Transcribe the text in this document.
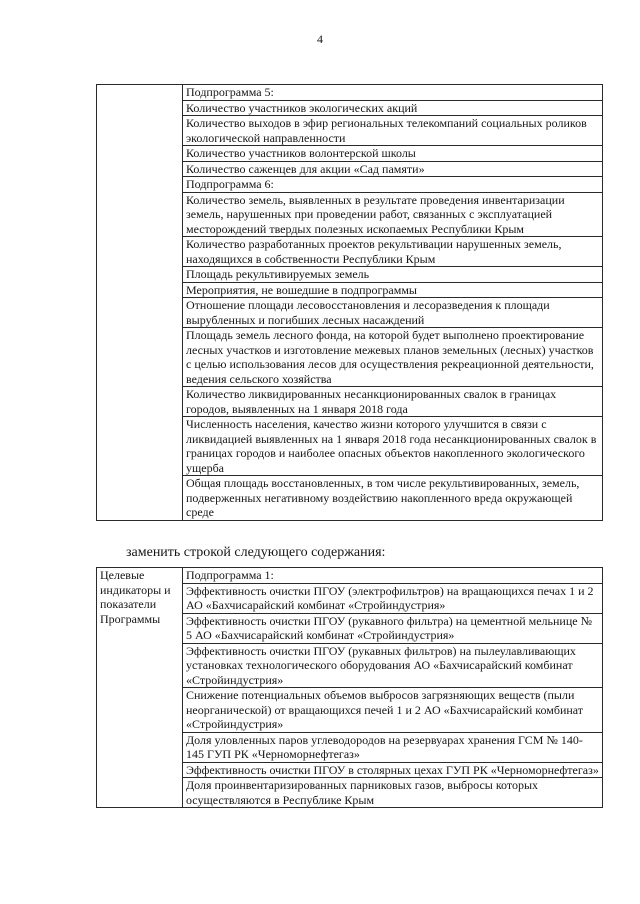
4
	Подпрограмма 5:
Количество участников экологических акций
Количество выходов в эфир региональных телекомпаний социальных роликов экологической направленности
Количество участников волонтерской школы
Количество саженцев для акции «Сад памяти»
Подпрограмма 6:
Количество земель, выявленных в результате проведения инвентаризации земель, нарушенных при проведении работ, связанных с эксплуатацией месторождений твердых полезных ископаемых Республики Крым
Количество разработанных проектов рекультивации нарушенных земель, находящихся в собственности Республики Крым
Площадь рекультивируемых земель
Мероприятия, не вошедшие в подпрограммы
Отношение площади лесовосстановления и лесоразведения к площади вырубленных и погибших лесных насаждений
Площадь земель лесного фонда, на которой будет выполнено проектирование лесных участков и изготовление межевых планов земельных (лесных) участков с целью использования лесов для осуществления рекреационной деятельности, ведения сельского хозяйства
Количество ликвидированных несанкционированных свалок в границах городов, выявленных на 1 января 2018 года
Численность населения, качество жизни которого улучшится в связи с ликвидацией выявленных на 1 января 2018 года несанкционированных свалок в границах городов и наиболее опасных объектов накопленного экологического ущерба
Общая площадь восстановленных, в том числе рекультивированных, земель, подверженных негативному воздействию накопленного вреда окружающей среде
заменить строкой следующего содержания:
Целевые индикаторы и показатели Программы	Подпрограмма 1:
Эффективность очистки ПГОУ (электрофильтров) на вращающихся печах 1 и 2 АО «Бахчисарайский комбинат «Стройиндустрия»
Эффективность очистки ПГОУ (рукавного фильтра) на цементной мельнице № 5 АО «Бахчисарайский комбинат «Стройиндустрия»
Эффективность очистки ПГОУ (рукавных фильтров) на пылеулавливающих установках технологического оборудования АО «Бахчисарайский комбинат «Стройиндустрия»
Снижение потенциальных объемов выбросов загрязняющих веществ (пыли неорганической) от вращающихся печей 1 и 2 АО «Бахчисарайский комбинат «Стройиндустрия»
Доля уловленных паров углеводородов на резервуарах хранения ГСМ № 140-145 ГУП РК «Черноморнефтегаз»
Эффективность очистки ПГОУ в столярных цехах ГУП РК «Черноморнефтегаз»
Доля проинвентаризированных парниковых газов, выбросы которых осуществляются в Республике Крым
